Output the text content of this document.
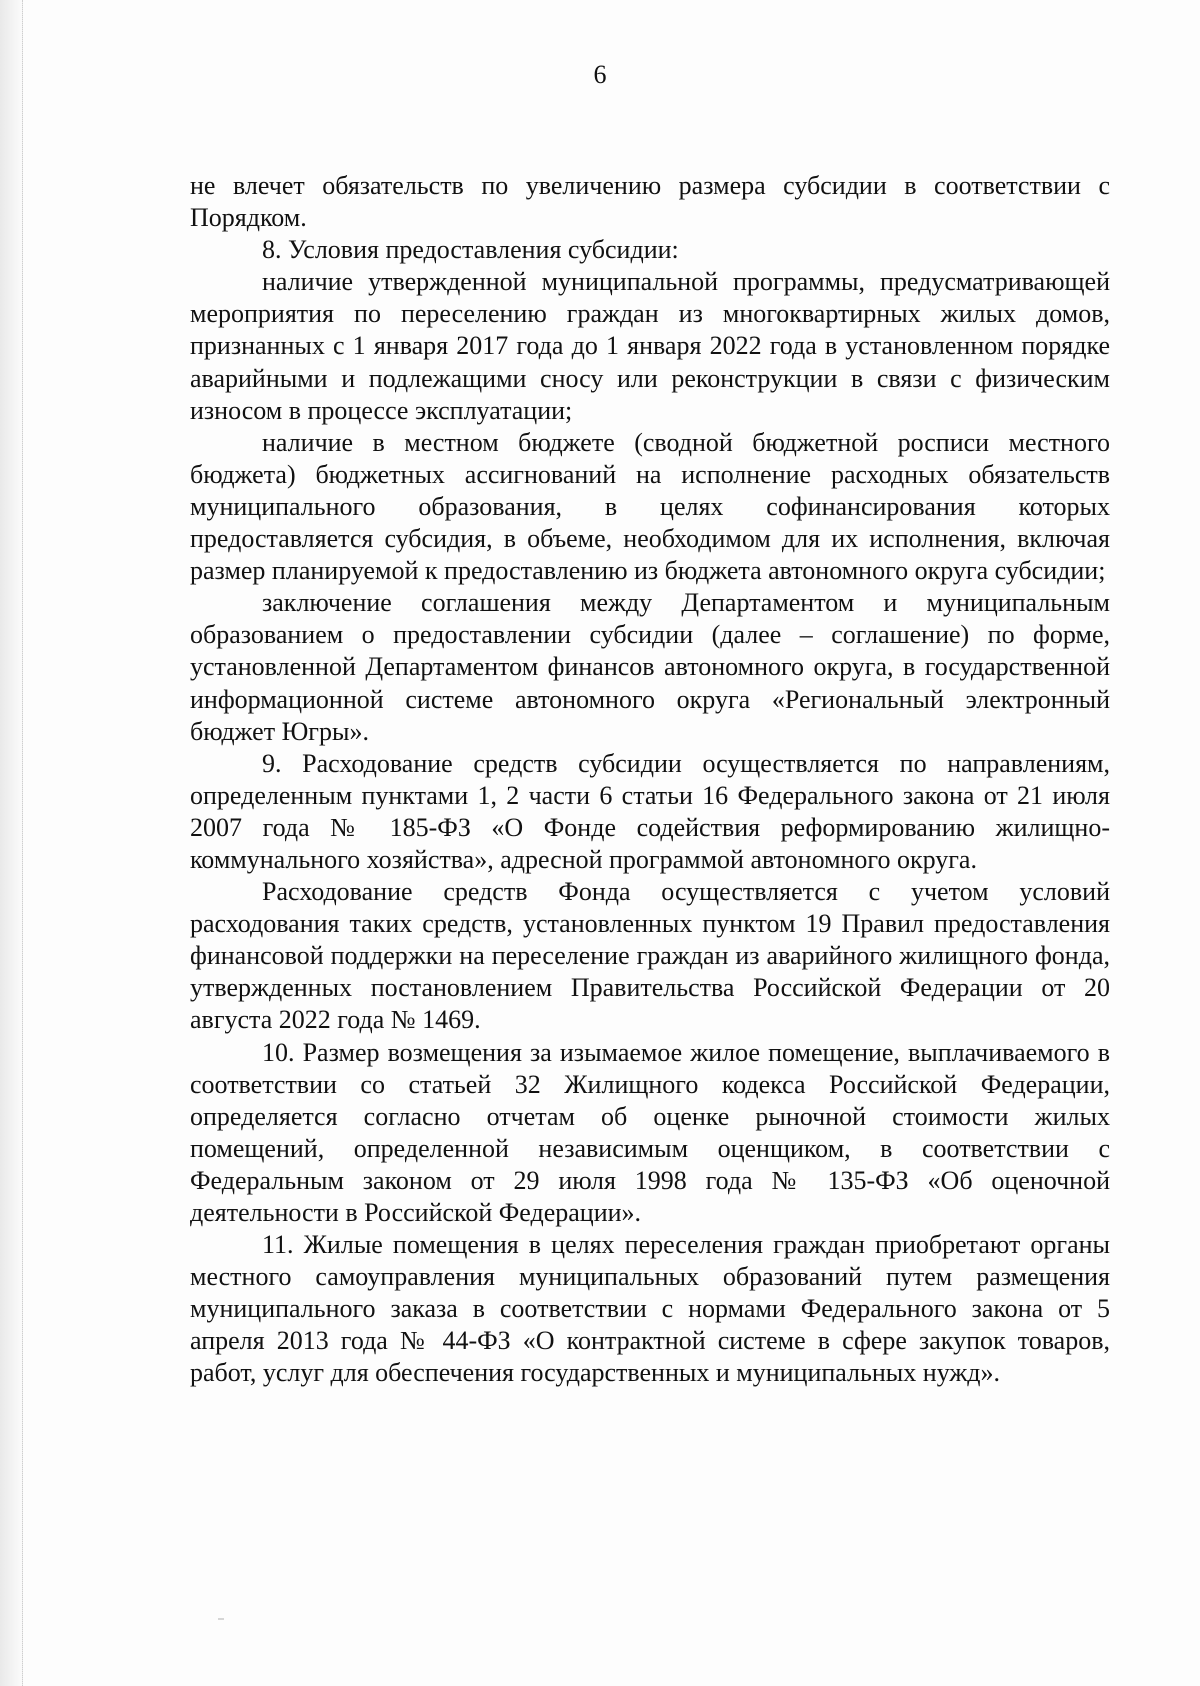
6

не влечет обязательств по увеличению размера субсидии в соответствии с Порядком.

8. Условия предоставления субсидии:

наличие утвержденной муниципальной программы, предусматривающей мероприятия по переселению граждан из многоквартирных жилых домов, признанных с 1 января 2017 года до 1 января 2022 года в установленном порядке аварийными и подлежащими сносу или реконструкции в связи с физическим износом в процессе эксплуатации;

наличие в местном бюджете (сводной бюджетной росписи местного бюджета) бюджетных ассигнований на исполнение расходных обязательств муниципального образования, в целях софинансирования которых предоставляется субсидия, в объеме, необходимом для их исполнения, включая размер планируемой к предоставлению из бюджета автономного округа субсидии;

заключение соглашения между Департаментом и муниципальным образованием о предоставлении субсидии (далее – соглашение) по форме, установленной Департаментом финансов автономного округа, в государственной информационной системе автономного округа «Региональный электронный бюджет Югры».

9. Расходование средств субсидии осуществляется по направлениям, определенным пунктами 1, 2 части 6 статьи 16 Федерального закона от 21 июля 2007 года № 185-ФЗ «О Фонде содействия реформированию жилищно-коммунального хозяйства», адресной программой автономного округа.

Расходование средств Фонда осуществляется с учетом условий расходования таких средств, установленных пунктом 19 Правил предоставления финансовой поддержки на переселение граждан из аварийного жилищного фонда, утвержденных постановлением Правительства Российской Федерации от 20 августа 2022 года № 1469.

10. Размер возмещения за изымаемое жилое помещение, выплачиваемого в соответствии со статьей 32 Жилищного кодекса Российской Федерации, определяется согласно отчетам об оценке рыночной стоимости жилых помещений, определенной независимым оценщиком, в соответствии с Федеральным законом от 29 июля 1998 года № 135-ФЗ «Об оценочной деятельности в Российской Федерации».

11. Жилые помещения в целях переселения граждан приобретают органы местного самоуправления муниципальных образований путем размещения муниципального заказа в соответствии с нормами Федерального закона от 5 апреля 2013 года № 44-ФЗ «О контрактной системе в сфере закупок товаров, работ, услуг для обеспечения государственных и муниципальных нужд».
